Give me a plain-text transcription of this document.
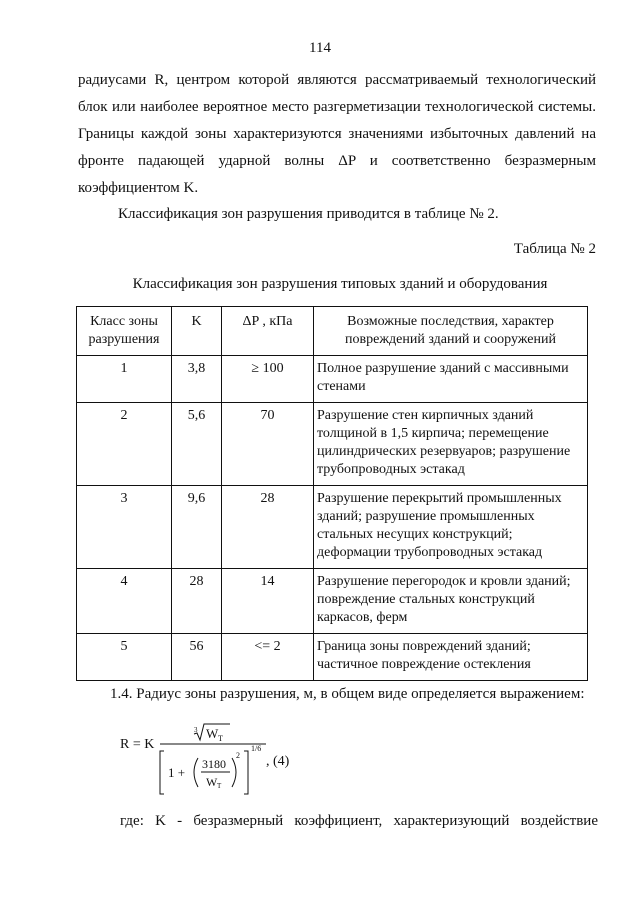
114
радиусами R, центром которой являются рассматриваемый технологический
блок или наиболее вероятное место разгерметизации технологической системы.
Границы каждой зоны характеризуются значениями избыточных давлений на
фронте падающей ударной волны ΔP и соответственно безразмерным
коэффициентом K.
Классификация зон разрушения приводится в таблице № 2.
Таблица № 2
Классификация зон разрушения типовых зданий и оборудования
Класс зоны разрушения	K	ΔP , кПа	Возможные последствия, характер повреждений зданий и сооружений
1	3,8	≥ 100	Полное разрушение зданий с массивными стенами
2	5,6	70	Разрушение стен кирпичных зданий толщиной в 1,5 кирпича; перемещение цилиндрических резервуаров; разрушение трубопроводных эстакад
3	9,6	28	Разрушение перекрытий промышленных зданий; разрушение промышленных стальных несущих конструкций; деформации трубопроводных эстакад
4	28	14	Разрушение перегородок и кровли зданий; повреждение стальных конструкций каркасов, ферм
5	56	<= 2	Граница зоны повреждений зданий; частичное повреждение остекления
1.4. Радиус зоны разрушения, м, в общем виде определяется выражением:
R = K
3 W T
1 +
3180
W T
2
1/6
, (4)
где: K - безразмерный коэффициент, характеризующий воздействие
